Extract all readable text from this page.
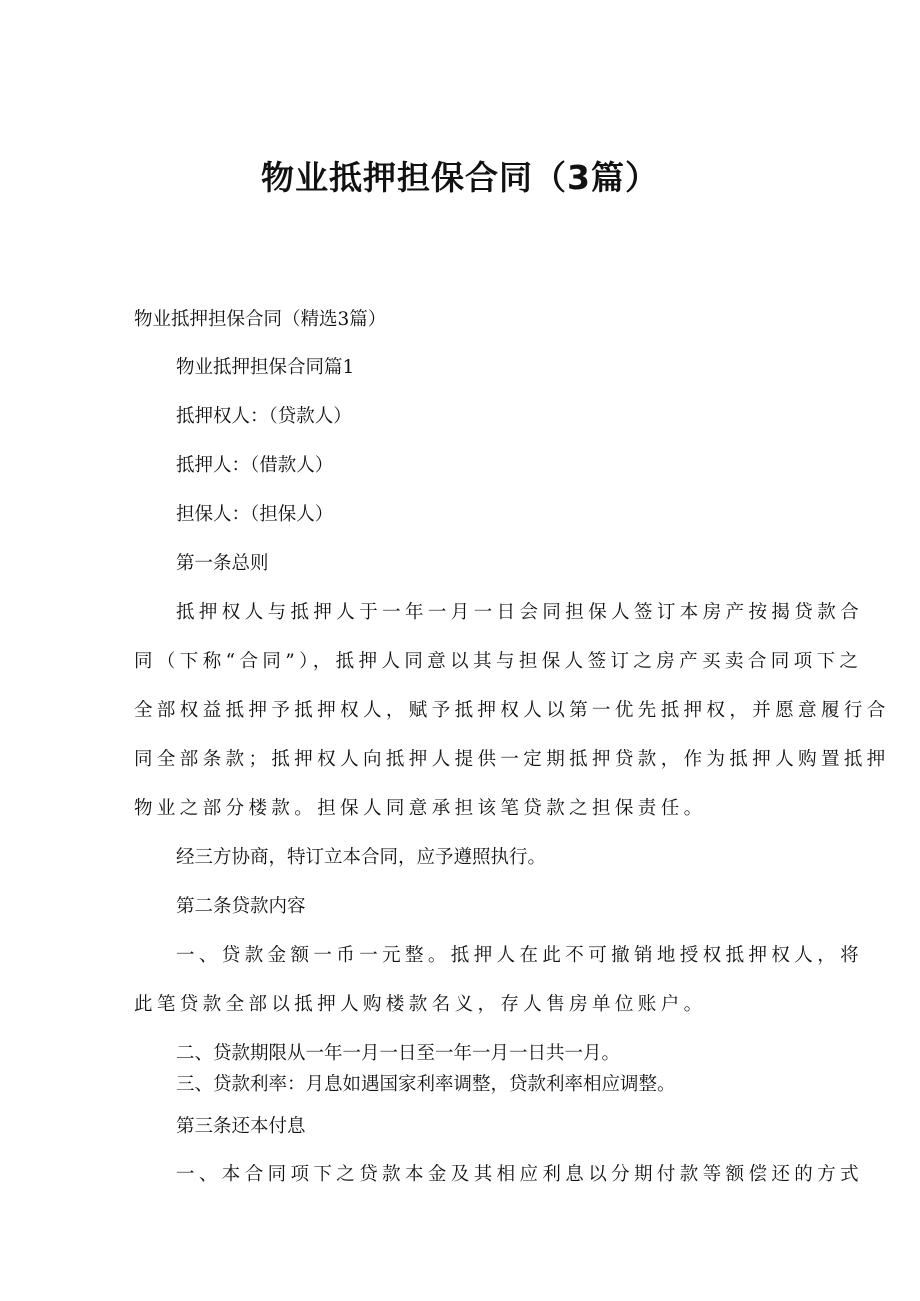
物业抵押担保合同（3篇）
物业抵押担保合同（精选3篇）
物业抵押担保合同篇1
抵押权人：（贷款人）
抵押人：（借款人）
担保人：（担保人）
第一条总则
抵押权人与抵押人于一年一月一日会同担保人签订本房产按揭贷款合
同（下称“合同”），抵押人同意以其与担保人签订之房产买卖合同项下之
全部权益抵押予抵押权人，赋予抵押权人以第一优先抵押权，并愿意履行合
同全部条款；抵押权人向抵押人提供一定期抵押贷款，作为抵押人购置抵押
物业之部分楼款。担保人同意承担该笔贷款之担保责任。
经三方协商，特订立本合同，应予遵照执行。
第二条贷款内容
一、贷款金额一币一元整。抵押人在此不可撤销地授权抵押权人，将
此笔贷款全部以抵押人购楼款名义，存人售房单位账户。
二、贷款期限从一年一月一日至一年一月一日共一月。
三、贷款利率：月息如遇国家利率调整，贷款利率相应调整。
第三条还本付息
一、本合同项下之贷款本金及其相应利息以分期付款等额偿还的方式
